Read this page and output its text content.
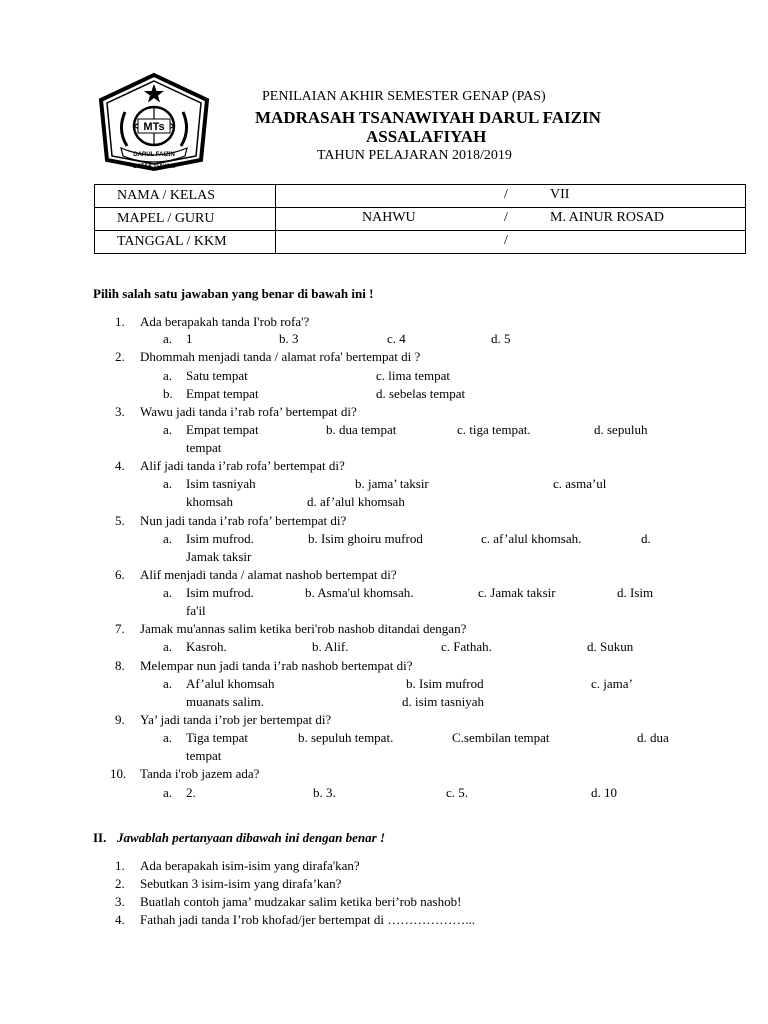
MTs
DARUL FAIZIN
CATAK GAYAM
PENILAIAN AKHIR SEMESTER GENAP (PAS)
MADRASAH TSANAWIYAH DARUL FAIZIN
ASSALAFIYAH
TAHUN PELAJARAN 2018/2019
NAMA / KELAS	/ VII

MAPEL / GURU	NAHWU / M. AINUR ROSAD

TANGGAL / KKM	/
Pilih salah satu jawaban yang benar di bawah ini !
1. Ada berapakah tanda I'rob rofa'?
a. 1	b. 3	c. 4	d. 5
2. Dhommah menjadi tanda / alamat rofa' bertempat di ?
a. Satu tempat	c. lima tempat
b. Empat tempat	d. sebelas tempat
3. Wawu jadi tanda i’rab rofa’ bertempat di?
a. Empat tempat	b. dua tempat	c. tiga tempat.	d. sepuluh
tempat
4. Alif jadi tanda i’rab rofa’ bertempat di?
a. Isim tasniyah	b. jama’ taksir	c. asma’ul
khomsah	d. af’alul khomsah
5. Nun jadi tanda i’rab rofa’ bertempat di?
a. Isim mufrod.	b. Isim ghoiru mufrod	c. af’alul khomsah.	d.
Jamak taksir
6. Alif menjadi tanda / alamat nashob bertempat di?
a. Isim mufrod.	b. Asma'ul khomsah.	c. Jamak taksir	d. Isim
fa'il
7. Jamak mu'annas salim ketika beri'rob nashob ditandai dengan?
a. Kasroh.	b. Alif.	c. Fathah.	d. Sukun
8. Melempar nun jadi tanda i’rab nashob bertempat di?
a. Af’alul khomsah	b. Isim mufrod	c. jama’
muanats salim.	d. isim tasniyah
9. Ya’ jadi tanda i’rob jer bertempat di?
a. Tiga tempat	b. sepuluh tempat.	C.sembilan tempat	d. dua
tempat
10. Tanda i'rob jazem ada?
a. 2.	b. 3.	c. 5.	d. 10
II. Jawablah pertanyaan dibawah ini dengan benar !
1. Ada berapakah isim-isim yang dirafa'kan?
2. Sebutkan 3 isim-isim yang dirafa’kan?
3. Buatlah contoh jama’ mudzakar salim ketika beri’rob nashob!
4. Fathah jadi tanda I’rob khofad/jer bertempat di ………………...
